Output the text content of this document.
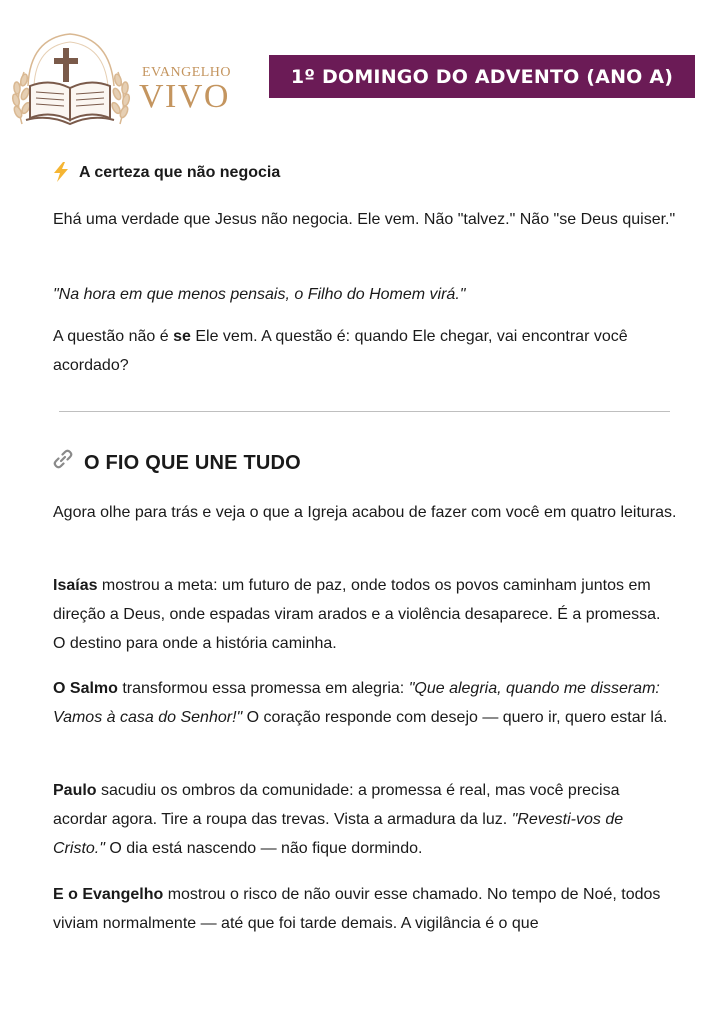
EVANGELHO
VIVO
1º DOMINGO DO ADVENTO (ANO A)
A certeza que não negocia

Ehá uma verdade que Jesus não negocia. Ele vem. Não "talvez." Não "se Deus quiser."

"Na hora em que menos pensais, o Filho do Homem virá."

A questão não é se Ele vem. A questão é: quando Ele chegar, vai encontrar você acordado?

O FIO QUE UNE TUDO

Agora olhe para trás e veja o que a Igreja acabou de fazer com você em quatro leituras.

Isaías mostrou a meta: um futuro de paz, onde todos os povos caminham juntos em direção a Deus, onde espadas viram arados e a violência desaparece. É a promessa. O destino para onde a história caminha.

O Salmo transformou essa promessa em alegria: "Que alegria, quando me disseram: Vamos à casa do Senhor!" O coração responde com desejo — quero ir, quero estar lá.

Paulo sacudiu os ombros da comunidade: a promessa é real, mas você precisa acordar agora. Tire a roupa das trevas. Vista a armadura da luz. "Revesti-vos de Cristo." O dia está nascendo — não fique dormindo.

E o Evangelho mostrou o risco de não ouvir esse chamado. No tempo de Noé, todos viviam normalmente — até que foi tarde demais. A vigilância é o que
